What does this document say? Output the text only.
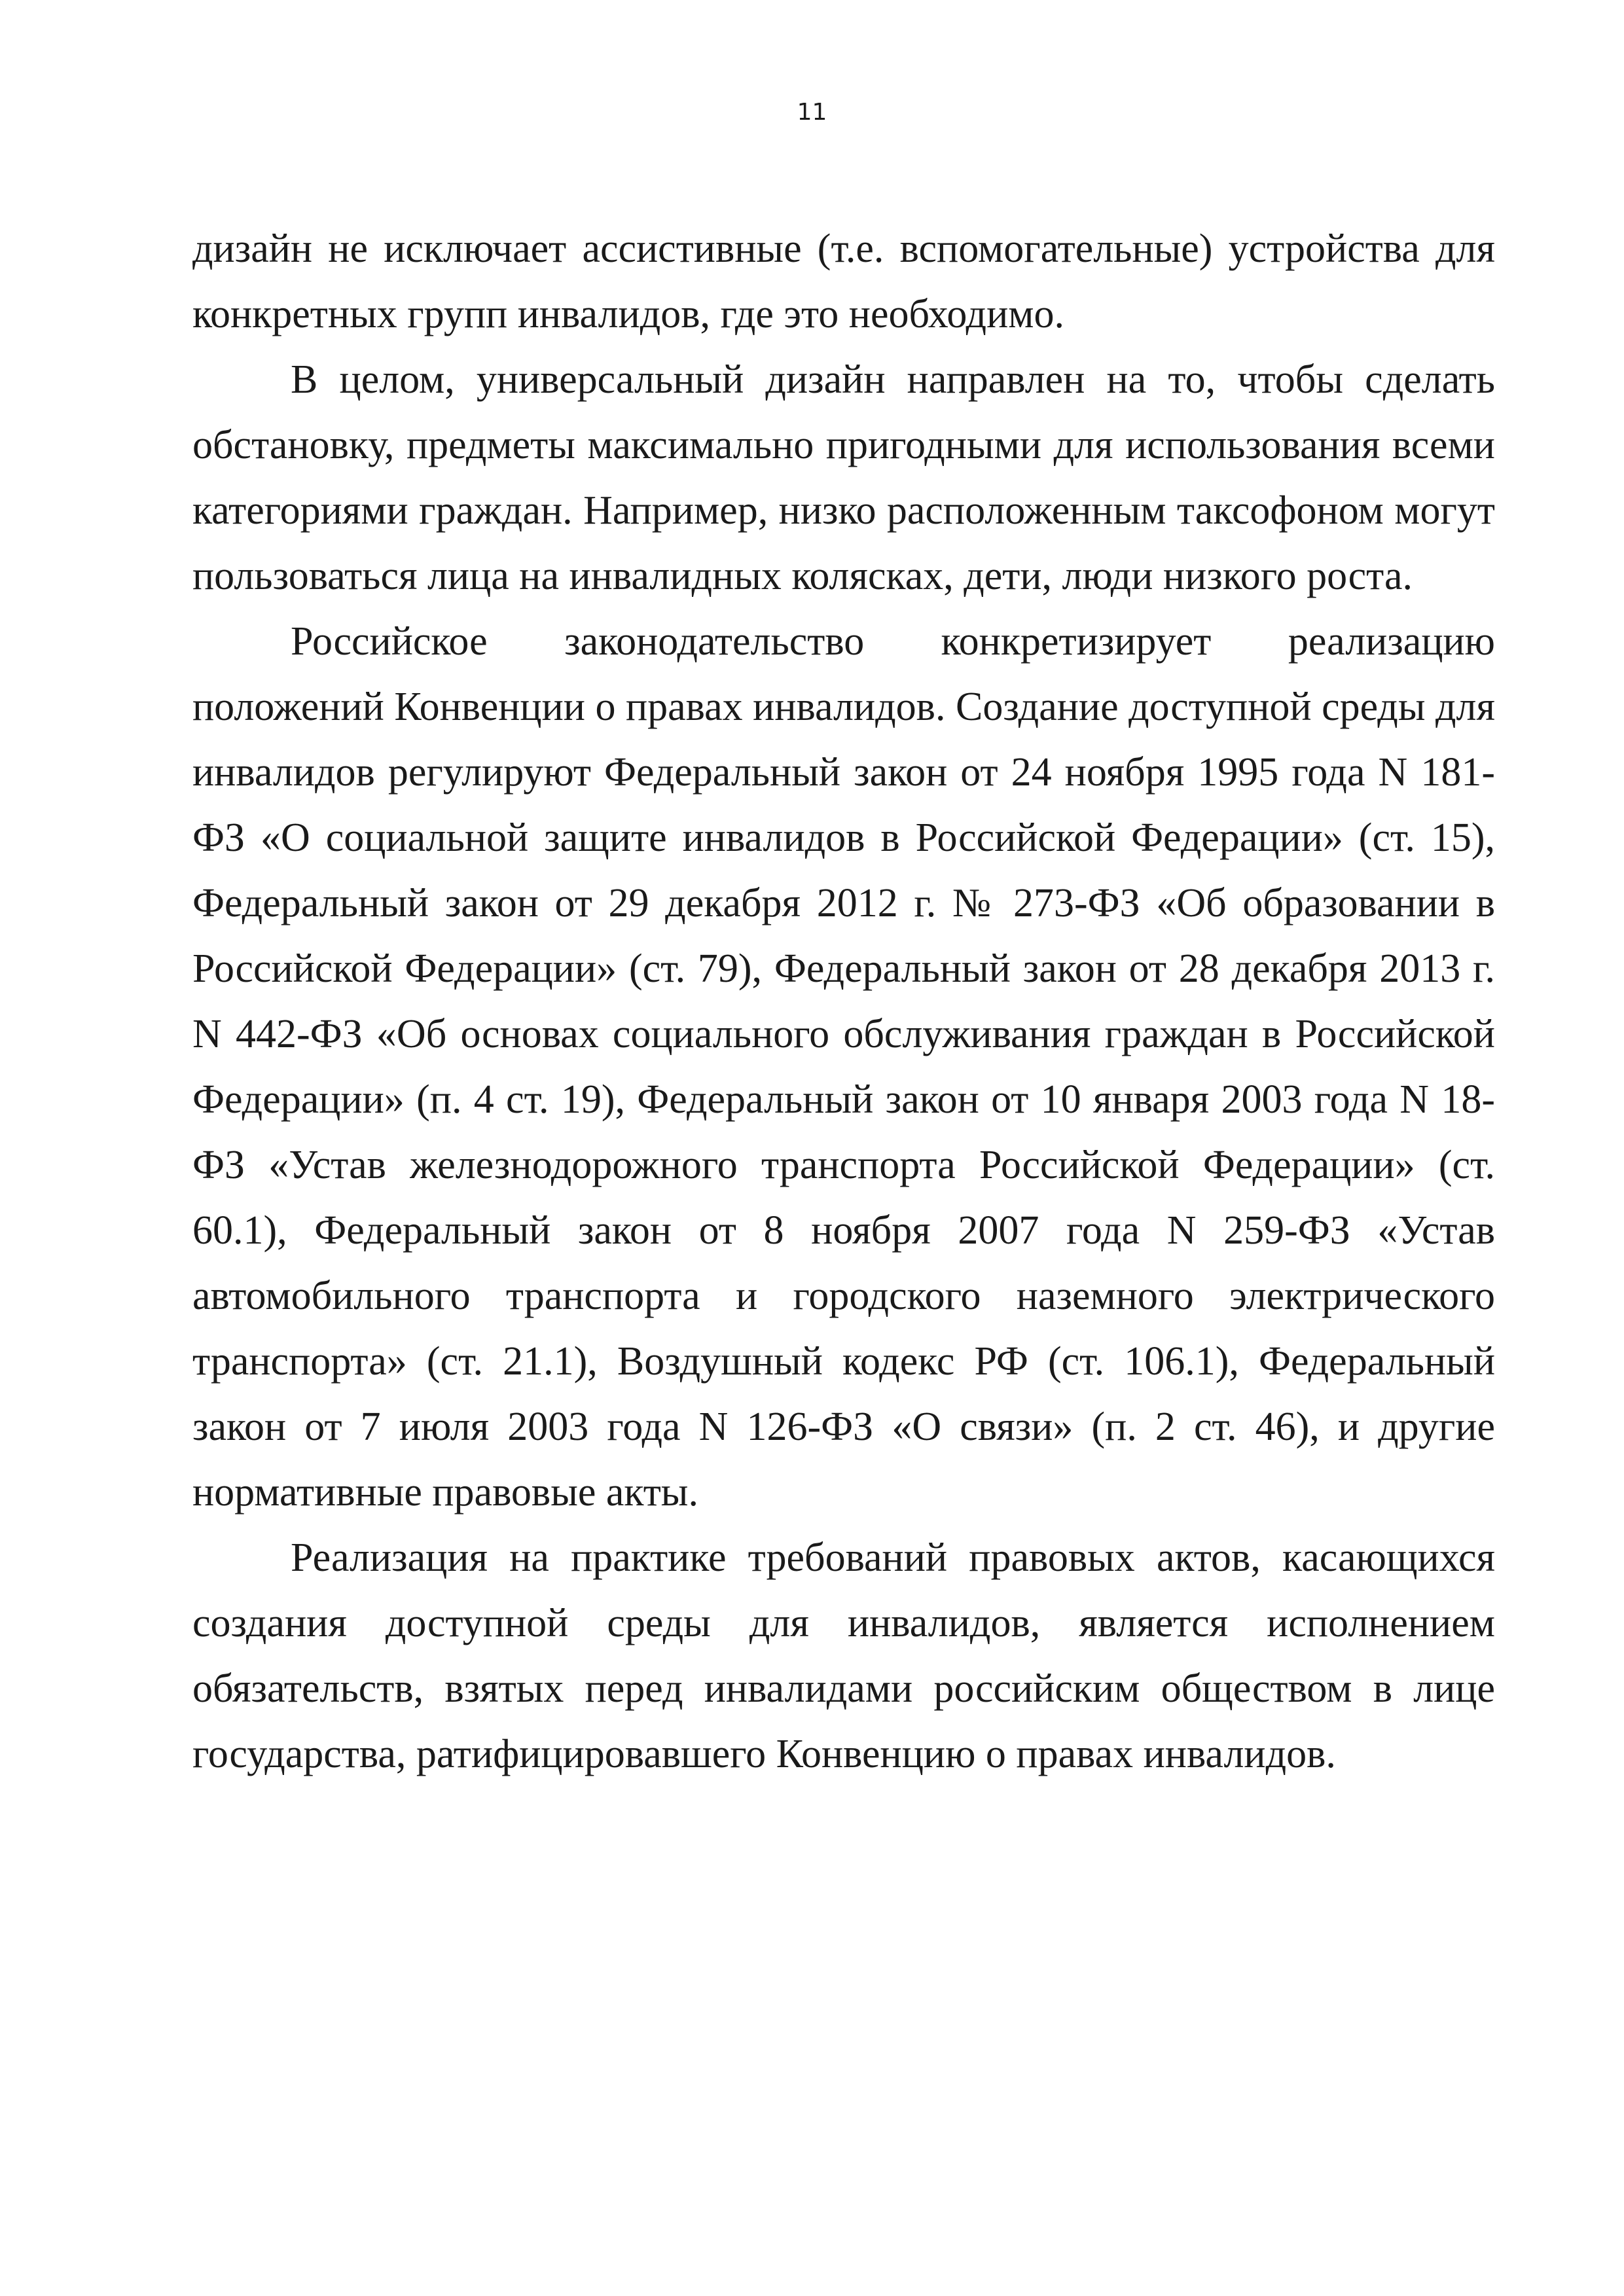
11

дизайн не исключает ассистивные (т.е. вспомогательные) устройства для конкретных групп инвалидов, где это необходимо.

В целом, универсальный дизайн направлен на то, чтобы сделать обстановку, предметы максимально пригодными для использования всеми категориями граждан. Например, низко расположенным таксофоном могут пользоваться лица на инвалидных колясках, дети, люди низкого роста.

Российское законодательство конкретизирует реализацию положений Конвенции о правах инвалидов. Создание доступной среды для инвалидов регулируют Федеральный закон от 24 ноября 1995 года N 181-ФЗ «О социальной защите инвалидов в Российской Федерации» (ст. 15), Федеральный закон от 29 декабря 2012 г. № 273-ФЗ «Об образовании в Российской Федерации» (ст. 79), Федеральный закон от 28 декабря 2013 г. N 442-ФЗ «Об основах социального обслуживания граждан в Российской Федерации» (п. 4 ст. 19), Федеральный закон от 10 января 2003 года N 18-ФЗ «Устав железнодорожного транспорта Российской Федерации» (ст. 60.1), Федеральный закон от 8 ноября 2007 года N 259-ФЗ «Устав автомобильного транспорта и городского наземного электрического транспорта» (ст. 21.1), Воздушный кодекс РФ (ст. 106.1), Федеральный закон от 7 июля 2003 года N 126-ФЗ «О связи» (п. 2 ст. 46), и другие нормативные правовые акты.

Реализация на практике требований правовых актов, касающихся создания доступной среды для инвалидов, является исполнением обязательств, взятых перед инвалидами российским обществом в лице государства, ратифицировавшего Конвенцию о правах инвалидов.
